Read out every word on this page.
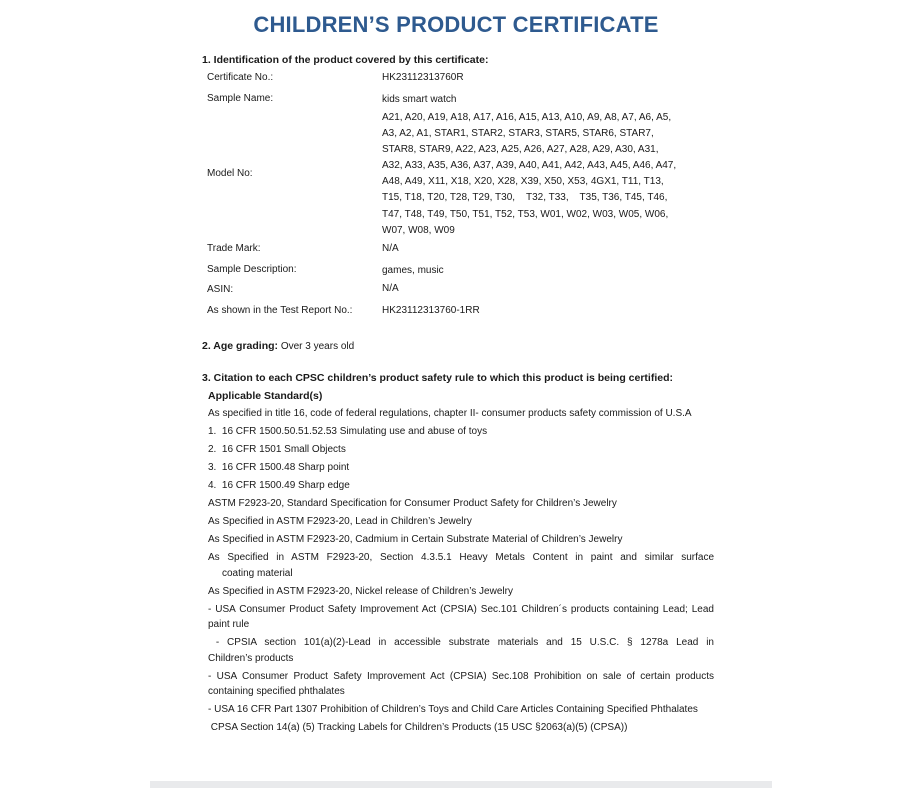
CHILDREN’S PRODUCT CERTIFICATE
1. Identification of the product covered by this certificate:
Certificate No.:	HK23112313760R
Sample Name:	kids smart watch
Model No:
A21, A20, A19, A18, A17, A16, A15, A13, A10, A9, A8, A7, A6, A5,
A3, A2, A1, STAR1, STAR2, STAR3, STAR5, STAR6, STAR7,
STAR8, STAR9, A22, A23, A25, A26, A27, A28, A29, A30, A31,
A32, A33, A35, A36, A37, A39, A40, A41, A42, A43, A45, A46, A47,
A48, A49, X11, X18, X20, X28, X39, X50, X53, 4GX1, T11, T13,
T15, T18, T20, T28, T29, T30,    T32, T33,    T35, T36, T45, T46,
T47, T48, T49, T50, T51, T52, T53, W01, W02, W03, W05, W06,
W07, W08, W09
Trade Mark:	N/A
Sample Description:	games, music
ASIN:	N/A
As shown in the Test Report No.:	HK23112313760-1RR
2. Age grading: Over 3 years old
3. Citation to each CPSC children’s product safety rule to which this product is being certified:
Applicable Standard(s)

As specified in title 16, code of federal regulations, chapter II- consumer products safety commission of U.S.A

1.  16 CFR 1500.50.51.52.53 Simulating use and abuse of toys

2.  16 CFR 1501 Small Objects

3.  16 CFR 1500.48 Sharp point

4.  16 CFR 1500.49 Sharp edge

ASTM F2923-20, Standard Specification for Consumer Product Safety for Children’s Jewelry

As Specified in ASTM F2923-20, Lead in Children’s Jewelry

As Specified in ASTM F2923-20, Cadmium in Certain Substrate Material of Children’s Jewelry

As Specified in ASTM F2923-20, Section 4.3.5.1 Heavy Metals Content in paint and similar surface

coating material

As Specified in ASTM F2923-20, Nickel release of Children’s Jewelry

- USA Consumer Product Safety Improvement Act (CPSIA) Sec.101 Children´s products containing Lead; Lead paint rule

- CPSIA section 101(a)(2)-Lead in accessible substrate materials and 15 U.S.C. § 1278a Lead in

Children’s products

- USA Consumer Product Safety Improvement Act (CPSIA) Sec.108 Prohibition on sale of certain products containing specified phthalates

- USA 16 CFR Part 1307 Prohibition of Children’s Toys and Child Care Articles Containing Specified Phthalates

CPSA Section 14(a) (5) Tracking Labels for Children’s Products (15 USC §2063(a)(5) (CPSA))
